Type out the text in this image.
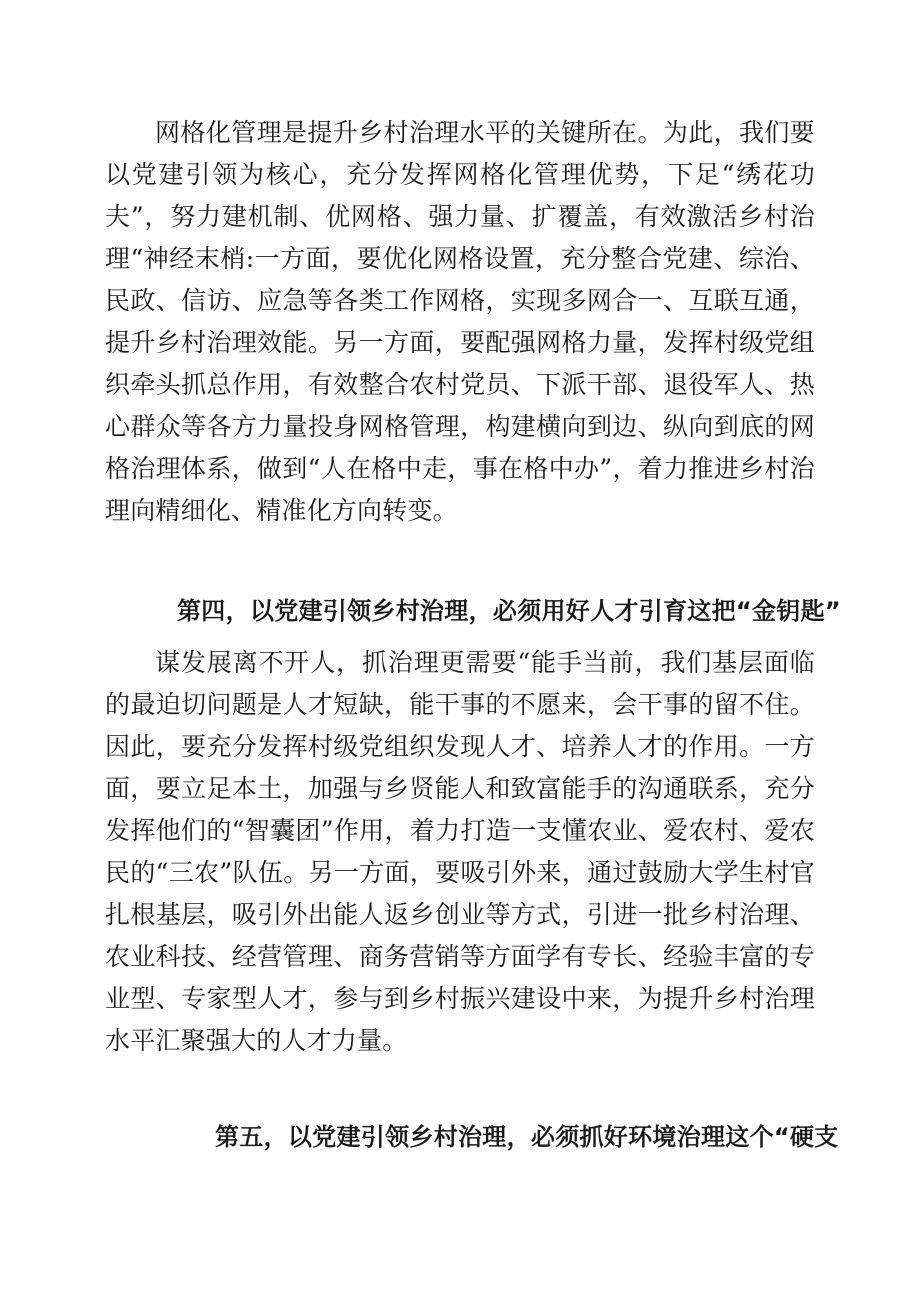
网格化管理是提升乡村治理水平的关键所在。为此，我们要以党建引领为核心，充分发挥网格化管理优势，下足“绣花功夫”，努力建机制、优网格、强力量、扩覆盖，有效激活乡村治理“神经末梢:一方面，要优化网格设置，充分整合党建、综治、民政、信访、应急等各类工作网格，实现多网合一、互联互通，提升乡村治理效能。另一方面，要配强网格力量，发挥村级党组织牵头抓总作用，有效整合农村党员、下派干部、退役军人、热心群众等各方力量投身网格管理，构建横向到边、纵向到底的网格治理体系，做到“人在格中走，事在格中办”，着力推进乡村治理向精细化、精准化方向转变。

第四，以党建引领乡村治理，必须用好人才引育这把“金钥匙”

谋发展离不开人，抓治理更需要“能手当前，我们基层面临的最迫切问题是人才短缺，能干事的不愿来，会干事的留不住。因此，要充分发挥村级党组织发现人才、培养人才的作用。一方面，要立足本土，加强与乡贤能人和致富能手的沟通联系，充分发挥他们的“智囊团”作用，着力打造一支懂农业、爱农村、爱农民的“三农”队伍。另一方面，要吸引外来，通过鼓励大学生村官扎根基层，吸引外出能人返乡创业等方式，引进一批乡村治理、农业科技、经营管理、商务营销等方面学有专长、经验丰富的专业型、专家型人才，参与到乡村振兴建设中来，为提升乡村治理水平汇聚强大的人才力量。

第五，以党建引领乡村治理，必须抓好环境治理这个“硬支
